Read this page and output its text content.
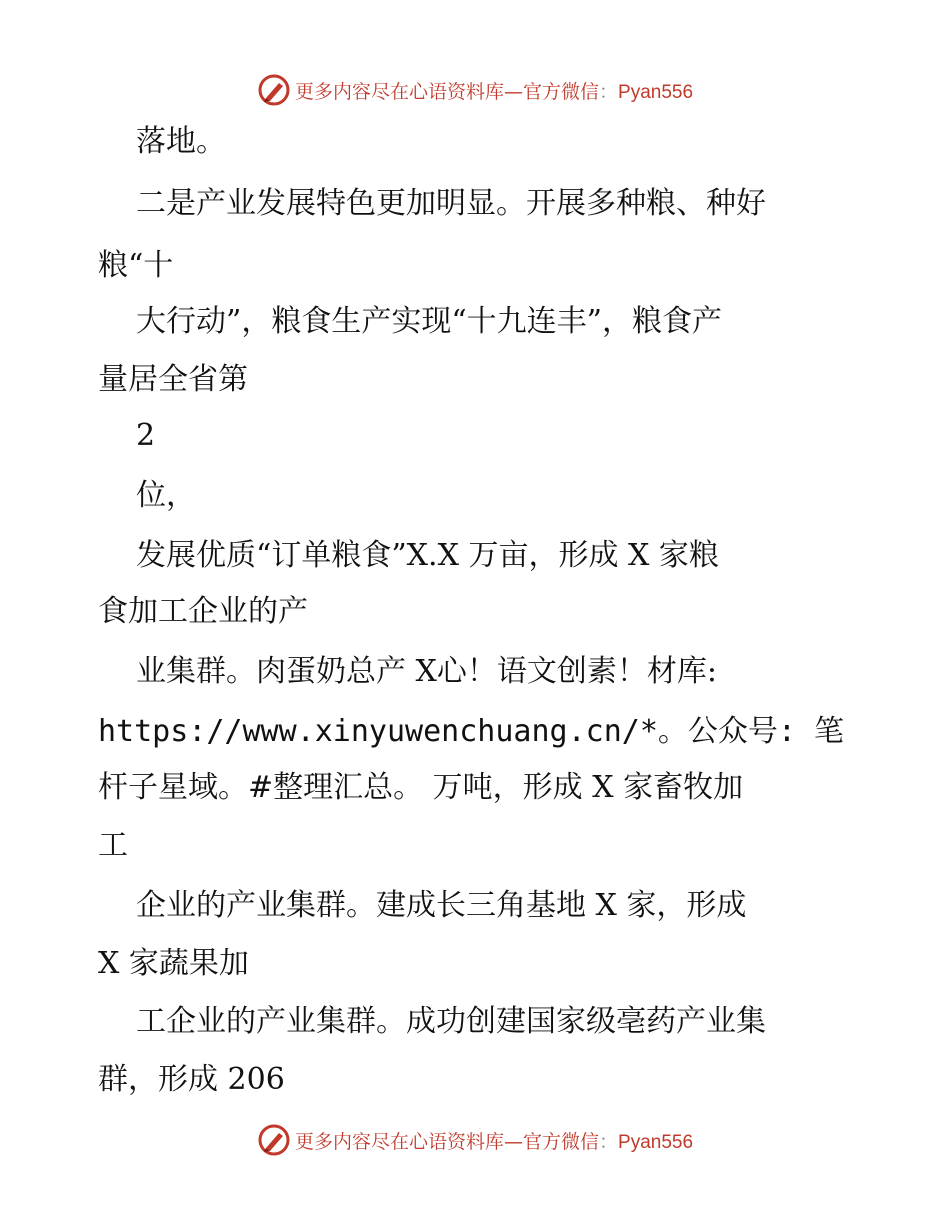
更多内容尽在心语资料库—官方微信：Pyan556
落地。
二是产业发展特色更加明显。开展多种粮、种好
粮“十
大行动”，粮食生产实现“十九连丰”，粮食产
量居全省第
2
位，
发展优质“订单粮食”X.X 万亩，形成 X 家粮
食加工企业的产
业集群。肉蛋奶总产 X心！语文创素！材库:
https://www.xinyuwenchuang.cn/*。公众号: 笔
杆子星域。#整理汇总。 万吨，形成 X 家畜牧加
工
企业的产业集群。建成长三角基地 X 家，形成
X 家蔬果加
工企业的产业集群。成功创建国家级亳药产业集
群，形成 206
更多内容尽在心语资料库—官方微信：Pyan556
